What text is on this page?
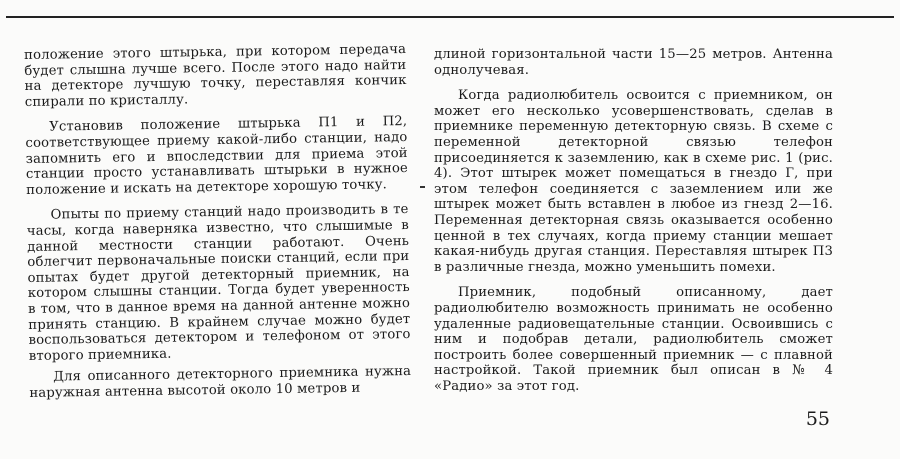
положение этого штырька, при котором передача будет слышна лучше всего. После этого надо найти на детекторе лучшую точку, переставляя кончик спирали по кристаллу.

Установив положение штырька П1 и П2, соответствующее приему какой-либо станции, надо запомнить его и впоследствии для приема этой станции просто устанавливать штырьки в нужное положение и искать на детекторе хорошую точку.

Опыты по приему станций надо производить в те часы, когда наверняка известно, что слышимые в данной местности станции работают. Очень облегчит первоначальные поиски станций, если при опытах будет другой детекторный приемник, на котором слышны станции. Тогда будет уверенность в том, что в данное время на данной антенне можно принять станцию. В крайнем случае можно будет воспользоваться детектором и телефоном от этого второго приемника.

Для описанного детекторного приемника нужна наружная антенна высотой около 10 метров и

длиной горизонтальной части 15—25 метров. Антенна однолучевая.

Когда радиолюбитель освоится с приемником, он может его несколько усовершенствовать, сделав в приемнике переменную детекторную связь. В схеме с переменной детекторной связью телефон присоединяется к заземлению, как в схеме рис. 1 (рис. 4). Этот штырек может помещаться в гнездо Г, при этом телефон соединяется с заземлением или же штырек может быть вставлен в любое из гнезд 2—16. Переменная детекторная связь оказывается особенно ценной в тех случаях, когда приему станции мешает какая-нибудь другая станция. Переставляя штырек П3 в различные гнезда, можно уменьшить помехи.

Приемник, подобный описанному, дает радиолюбителю возможность принимать не особенно удаленные радиовещательные станции. Освоившись с ним и подобрав детали, радиолюбитель сможет построить более совершенный приемник — с плавной настройкой. Такой приемник был описан в № 4 «Радио» за этот год.

55
